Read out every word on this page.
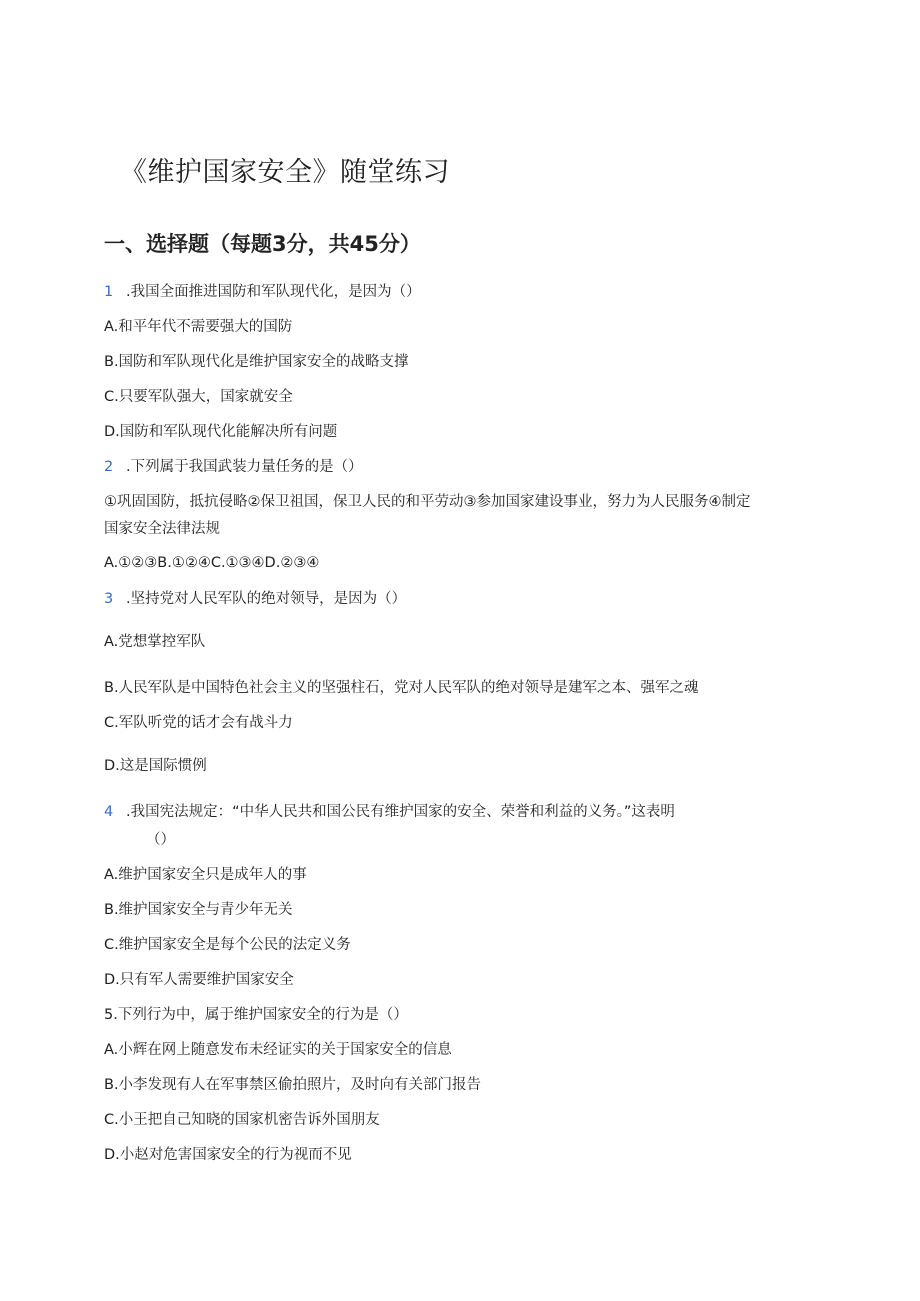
《维护国家安全》随堂练习
一、选择题（每题3分，共45分）
1 .我国全面推进国防和军队现代化，是因为（）
A.和平年代不需要强大的国防
B.国防和军队现代化是维护国家安全的战略支撑
C.只要军队强大，国家就安全
D.国防和军队现代化能解决所有问题
2 .下列属于我国武装力量任务的是（）
①巩固国防，抵抗侵略②保卫祖国，保卫人民的和平劳动③参加国家建设事业，努力为人民服务④制定
国家安全法律法规
A.①②③B.①②④C.①③④D.②③④
3 .坚持党对人民军队的绝对领导，是因为（）
A.党想掌控军队
B.人民军队是中国特色社会主义的坚强柱石，党对人民军队的绝对领导是建军之本、强军之魂
C.军队听党的话才会有战斗力
D.这是国际惯例
4 .我国宪法规定：“中华人民共和国公民有维护国家的安全、荣誉和利益的义务。”这表明
（）
A.维护国家安全只是成年人的事
B.维护国家安全与青少年无关
C.维护国家安全是每个公民的法定义务
D.只有军人需要维护国家安全
5.下列行为中，属于维护国家安全的行为是（）
A.小辉在网上随意发布未经证实的关于国家安全的信息
B.小李发现有人在军事禁区偷拍照片，及时向有关部门报告
C.小王把自己知晓的国家机密告诉外国朋友
D.小赵对危害国家安全的行为视而不见
